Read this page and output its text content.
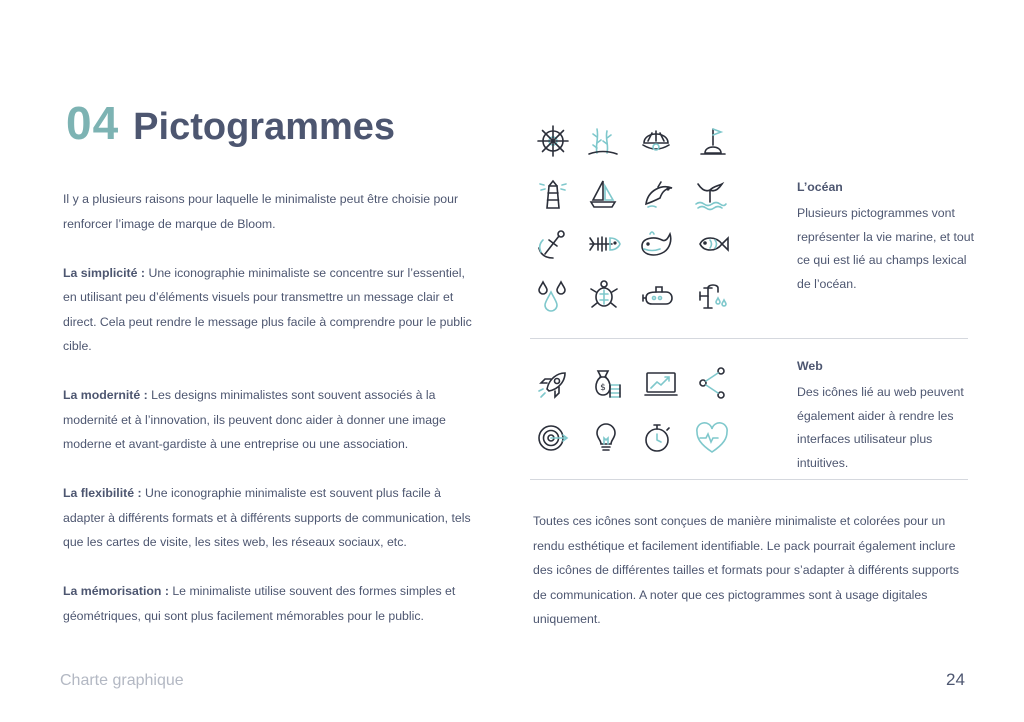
04 Pictogrammes

Il y a plusieurs raisons pour laquelle le minimaliste peut être choisie pour renforcer l’image de marque de Bloom.

La simplicité : Une iconographie minimaliste se concentre sur l’essentiel, en utilisant peu d’éléments visuels pour transmettre un message clair et direct. Cela peut rendre le message plus facile à comprendre pour le public cible.

La modernité : Les designs minimalistes sont souvent associés à la modernité et à l’innovation, ils peuvent donc aider à donner une image moderne et avant-gardiste à une entreprise ou une association.

La flexibilité : Une iconographie minimaliste est souvent plus facile à adapter à différents formats et à différents supports de communication, tels que les cartes de visite, les sites web, les réseaux sociaux, etc.

La mémorisation : Le minimaliste utilise souvent des formes simples et géométriques, qui sont plus facilement mémorables pour le public.

L’océan
Plusieurs pictogrammes vont représenter la vie marine, et tout ce qui est lié au champs lexical de l’océan.
$
Web
Des icônes lié au web peuvent également aider à rendre les interfaces utilisateur plus intuitives.
Toutes ces icônes sont conçues de manière minimaliste et colorées pour un rendu esthétique et facilement identifiable. Le pack pourrait également inclure des icônes de différentes tailles et formats pour s’adapter à différents supports de communication. A noter que ces pictogrammes sont à usage digitales uniquement.
Charte graphique	24
